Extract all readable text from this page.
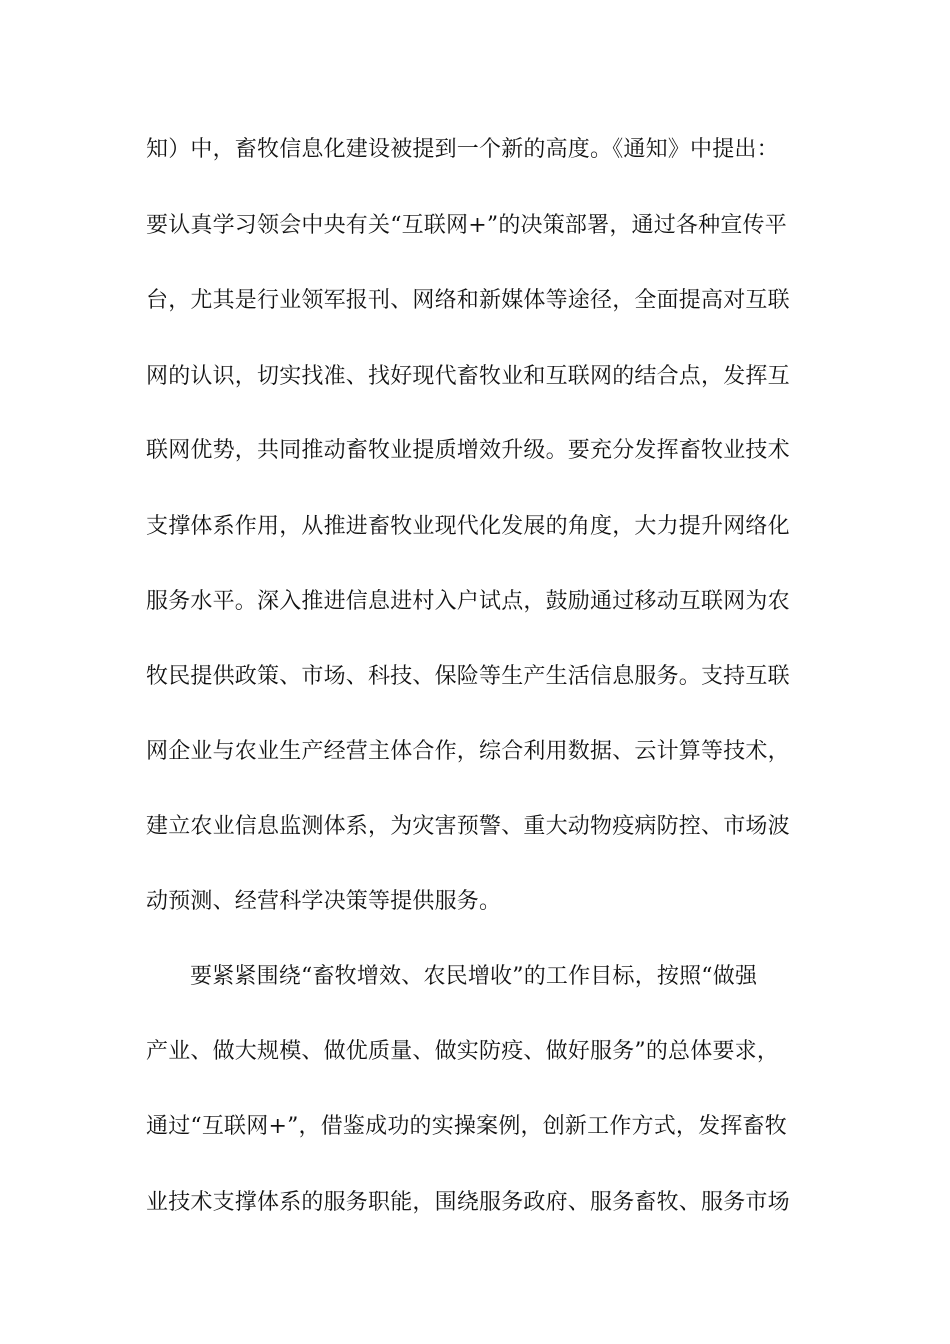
知）中，畜牧信息化建设被提到一个新的高度。《通知》中提出：
要认真学习领会中央有关“互联网+”的决策部署，通过各种宣传平
台，尤其是行业领军报刊、网络和新媒体等途径，全面提高对互联
网的认识，切实找准、找好现代畜牧业和互联网的结合点，发挥互
联网优势，共同推动畜牧业提质增效升级。要充分发挥畜牧业技术
支撑体系作用，从推进畜牧业现代化发展的角度，大力提升网络化
服务水平。深入推进信息进村入户试点，鼓励通过移动互联网为农
牧民提供政策、市场、科技、保险等生产生活信息服务。支持互联
网企业与农业生产经营主体合作，综合利用数据、云计算等技术，
建立农业信息监测体系，为灾害预警、重大动物疫病防控、市场波
动预测、经营科学决策等提供服务。
要紧紧围绕“畜牧增效、农民增收”的工作目标，按照“做强
产业、做大规模、做优质量、做实防疫、做好服务”的总体要求，
通过“互联网+”，借鉴成功的实操案例，创新工作方式，发挥畜牧
业技术支撑体系的服务职能，围绕服务政府、服务畜牧、服务市场
